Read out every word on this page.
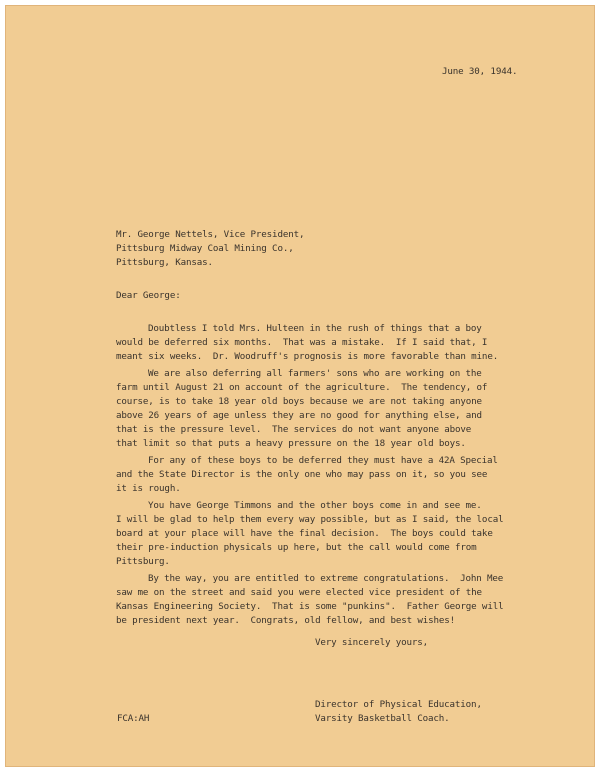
June 30, 1944.
Mr. George Nettels, Vice President,
Pittsburg Midway Coal Mining Co.,
Pittsburg, Kansas.
Dear George:
Doubtless I told Mrs. Hulteen in the rush of things that a boy
would be deferred six months.  That was a mistake.  If I said that, I
meant six weeks.  Dr. Woodruff's prognosis is more favorable than mine.
We are also deferring all farmers' sons who are working on the
farm until August 21 on account of the agriculture.  The tendency, of
course, is to take 18 year old boys because we are not taking anyone
above 26 years of age unless they are no good for anything else, and
that is the pressure level.  The services do not want anyone above
that limit so that puts a heavy pressure on the 18 year old boys.
For any of these boys to be deferred they must have a 42A Special
and the State Director is the only one who may pass on it, so you see
it is rough.
You have George Timmons and the other boys come in and see me.
I will be glad to help them every way possible, but as I said, the local
board at your place will have the final decision.  The boys could take
their pre-induction physicals up here, but the call would come from
Pittsburg.
By the way, you are entitled to extreme congratulations.  John Mee
saw me on the street and said you were elected vice president of the
Kansas Engineering Society.  That is some "punkins".  Father George will
be president next year.  Congrats, old fellow, and best wishes!
Very sincerely yours,
Director of Physical Education,
Varsity Basketball Coach.
FCA:AH
